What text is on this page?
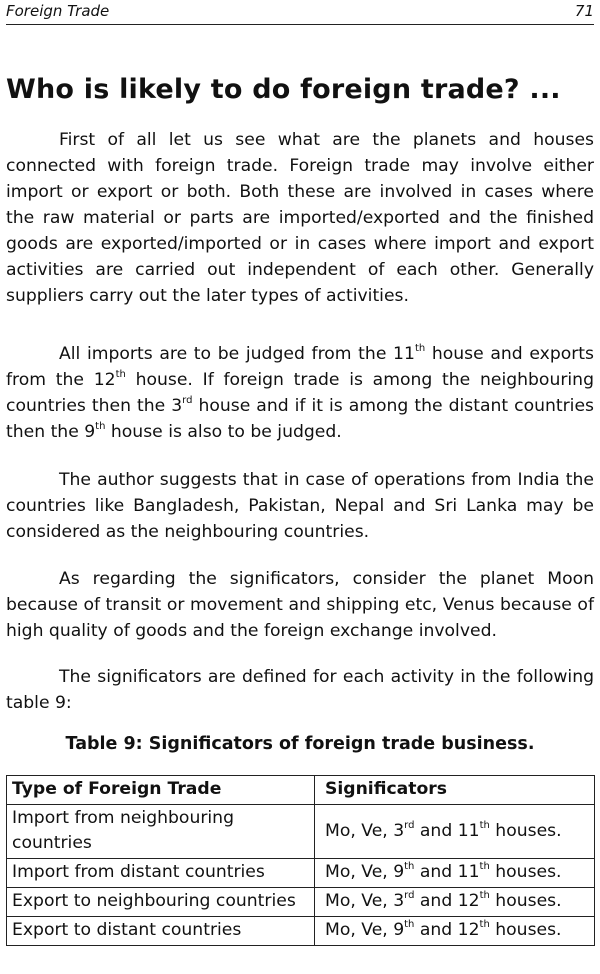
Foreign Trade	71
Who is likely to do foreign trade? ...

First of all let us see what are the planets and houses connected with foreign trade. Foreign trade may involve either import or export or both. Both these are involved in cases where the raw material or parts are imported/exported and the finished goods are exported/imported or in cases where import and export activities are carried out independent of each other. Generally suppliers carry out the later types of activities.

All imports are to be judged from the 11th house and exports from the 12th house. If foreign trade is among the neighbouring countries then the 3rd house and if it is among the distant countries then the 9th house is also to be judged.

The author suggests that in case of operations from India the countries like Bangladesh, Pakistan, Nepal and Sri Lanka may be considered as the neighbouring countries.

As regarding the significators, consider the planet Moon because of transit or movement and shipping etc, Venus because of high quality of goods and the foreign exchange involved.

The significators are defined for each activity in the following table 9:

Table 9: Significators of foreign trade business.
Type of Foreign Trade	Significators
Import from neighbouring countries	Mo, Ve, 3rd and 11th houses.
Import from distant countries	Mo, Ve, 9th and 11th houses.
Export to neighbouring countries	Mo, Ve, 3rd and 12th houses.
Export to distant countries	Mo, Ve, 9th and 12th houses.
